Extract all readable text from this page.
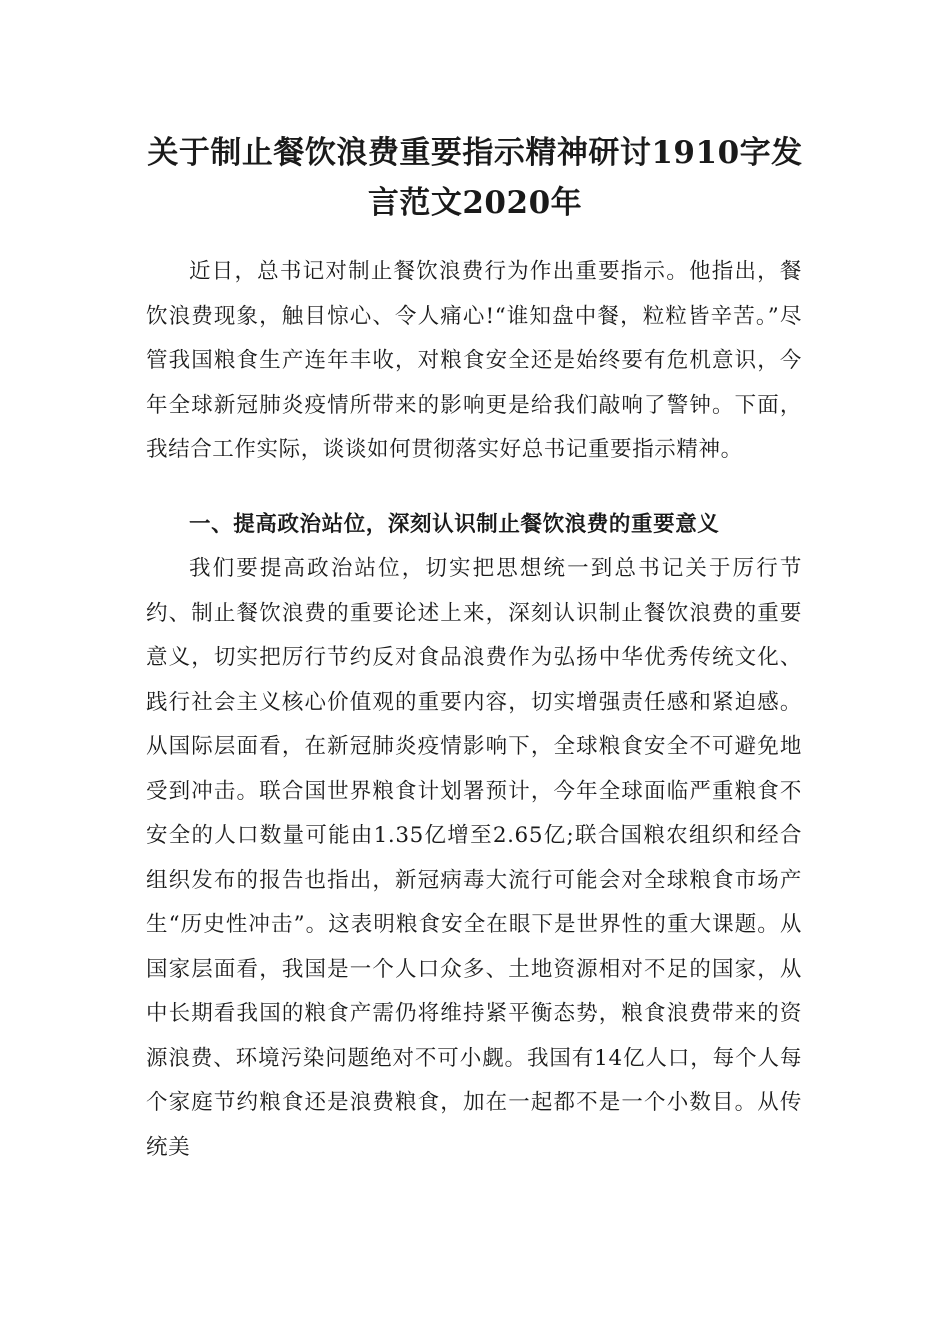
关于制止餐饮浪费重要指示精神研讨1910字发言范文2020年
近日，总书记对制止餐饮浪费行为作出重要指示。他指出，餐饮浪费现象，触目惊心、令人痛心!“谁知盘中餐，粒粒皆辛苦。”尽管我国粮食生产连年丰收，对粮食安全还是始终要有危机意识，今年全球新冠肺炎疫情所带来的影响更是给我们敲响了警钟。下面，我结合工作实际，谈谈如何贯彻落实好总书记重要指示精神。
一、提高政治站位，深刻认识制止餐饮浪费的重要意义
我们要提高政治站位，切实把思想统一到总书记关于厉行节约、制止餐饮浪费的重要论述上来，深刻认识制止餐饮浪费的重要意义，切实把厉行节约反对食品浪费作为弘扬中华优秀传统文化、践行社会主义核心价值观的重要内容，切实增强责任感和紧迫感。从国际层面看，在新冠肺炎疫情影响下，全球粮食安全不可避免地受到冲击。联合国世界粮食计划署预计，今年全球面临严重粮食不安全的人口数量可能由1.35亿增至2.65亿;联合国粮农组织和经合组织发布的报告也指出，新冠病毒大流行可能会对全球粮食市场产生“历史性冲击”。这表明粮食安全在眼下是世界性的重大课题。从国家层面看，我国是一个人口众多、土地资源相对不足的国家，从中长期看我国的粮食产需仍将维持紧平衡态势，粮食浪费带来的资源浪费、环境污染问题绝对不可小觑。我国有14亿人口，每个人每个家庭节约粮食还是浪费粮食，加在一起都不是一个小数目。从传统美
